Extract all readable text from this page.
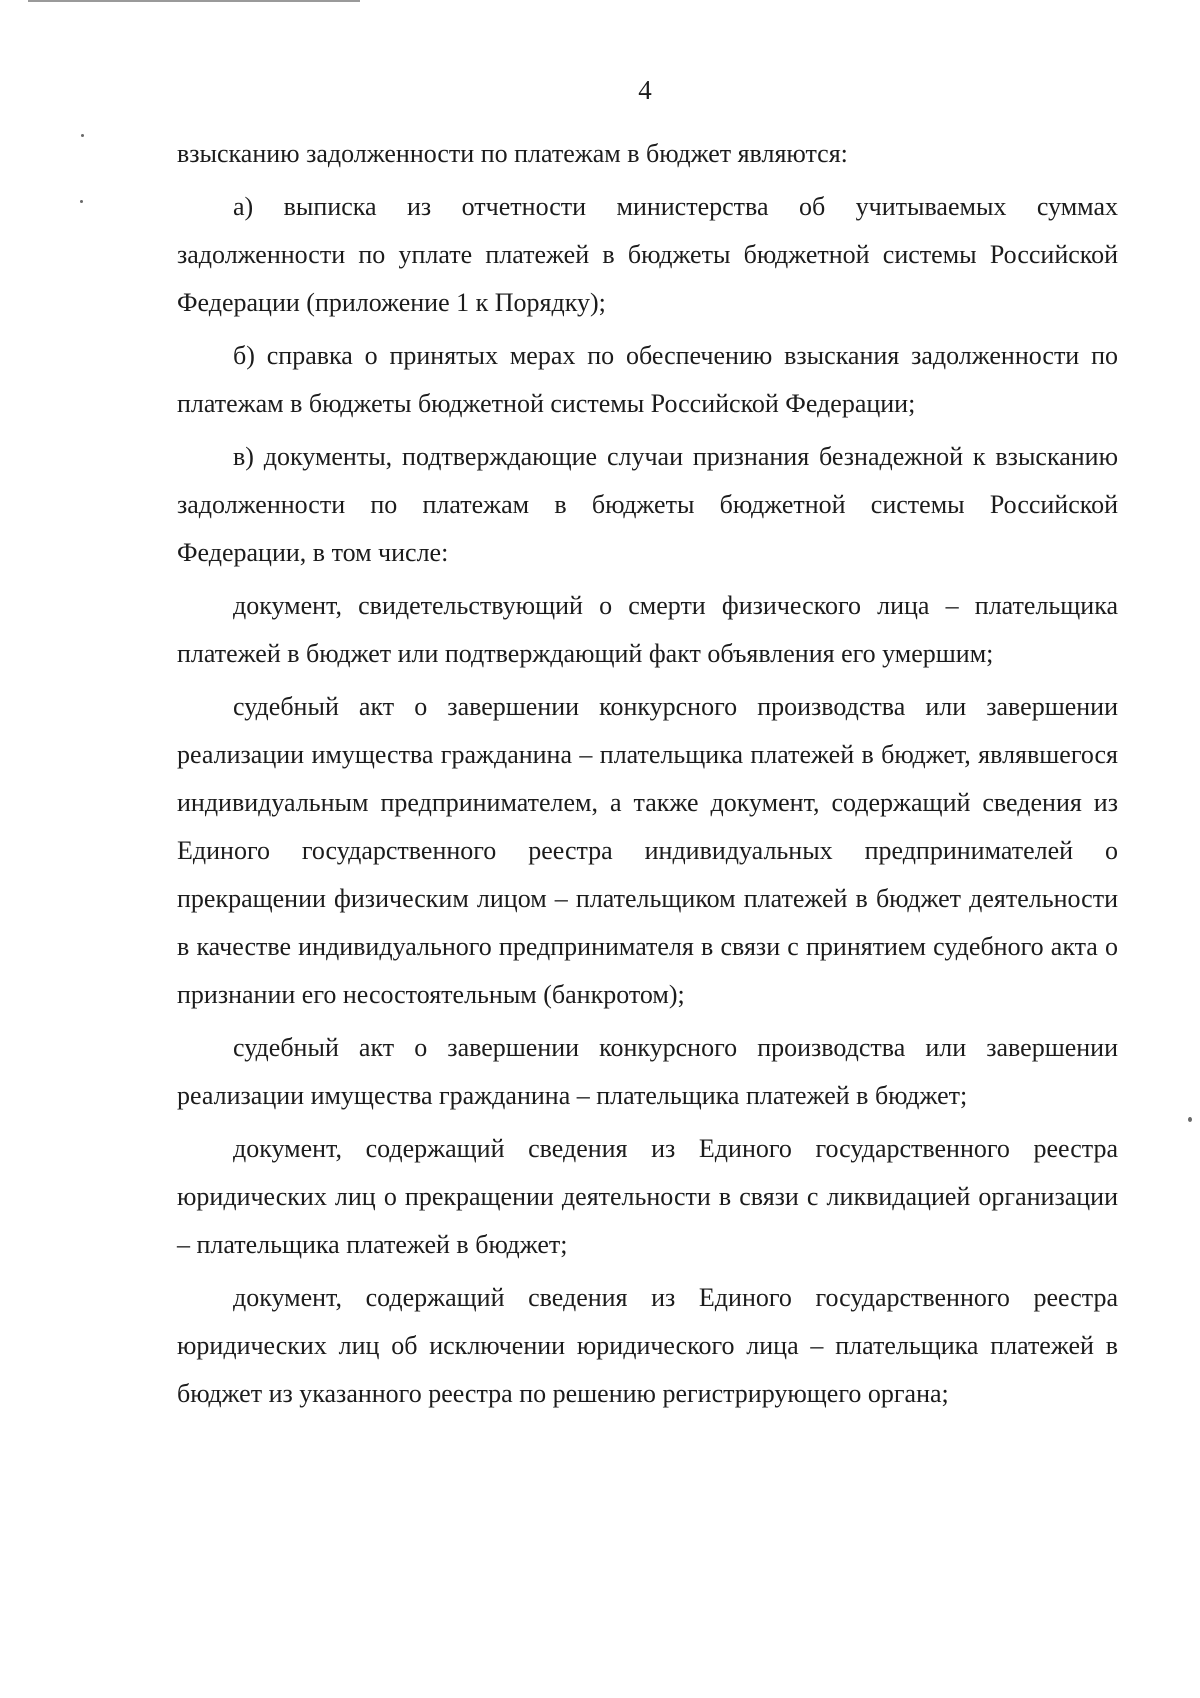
4

взысканию задолженности по платежам в бюджет являются:

а) выписка из отчетности министерства об учитываемых суммах задолженности по уплате платежей в бюджеты бюджетной системы Российской Федерации (приложение 1 к Порядку);

б) справка о принятых мерах по обеспечению взыскания задолженности по платежам в бюджеты бюджетной системы Российской Федерации;

в) документы, подтверждающие случаи признания безнадежной к взысканию задолженности по платежам в бюджеты бюджетной системы Российской Федерации, в том числе:

документ, свидетельствующий о смерти физического лица – плательщика платежей в бюджет или подтверждающий факт объявления его умершим;

судебный акт о завершении конкурсного производства или завершении реализации имущества гражданина – плательщика платежей в бюджет, являвшегося индивидуальным предпринимателем, а также документ, содержащий сведения из Единого государственного реестра индивидуальных предпринимателей о прекращении физическим лицом – плательщиком платежей в бюджет деятельности в качестве индивидуального предпринимателя в связи с принятием судебного акта о признании его несостоятельным (банкротом);

судебный акт о завершении конкурсного производства или завершении реализации имущества гражданина – плательщика платежей в бюджет;

документ, содержащий сведения из Единого государственного реестра юридических лиц о прекращении деятельности в связи с ликвидацией организации – плательщика платежей в бюджет;

документ, содержащий сведения из Единого государственного реестра юридических лиц об исключении юридического лица – плательщика платежей в бюджет из указанного реестра по решению регистрирующего органа;
